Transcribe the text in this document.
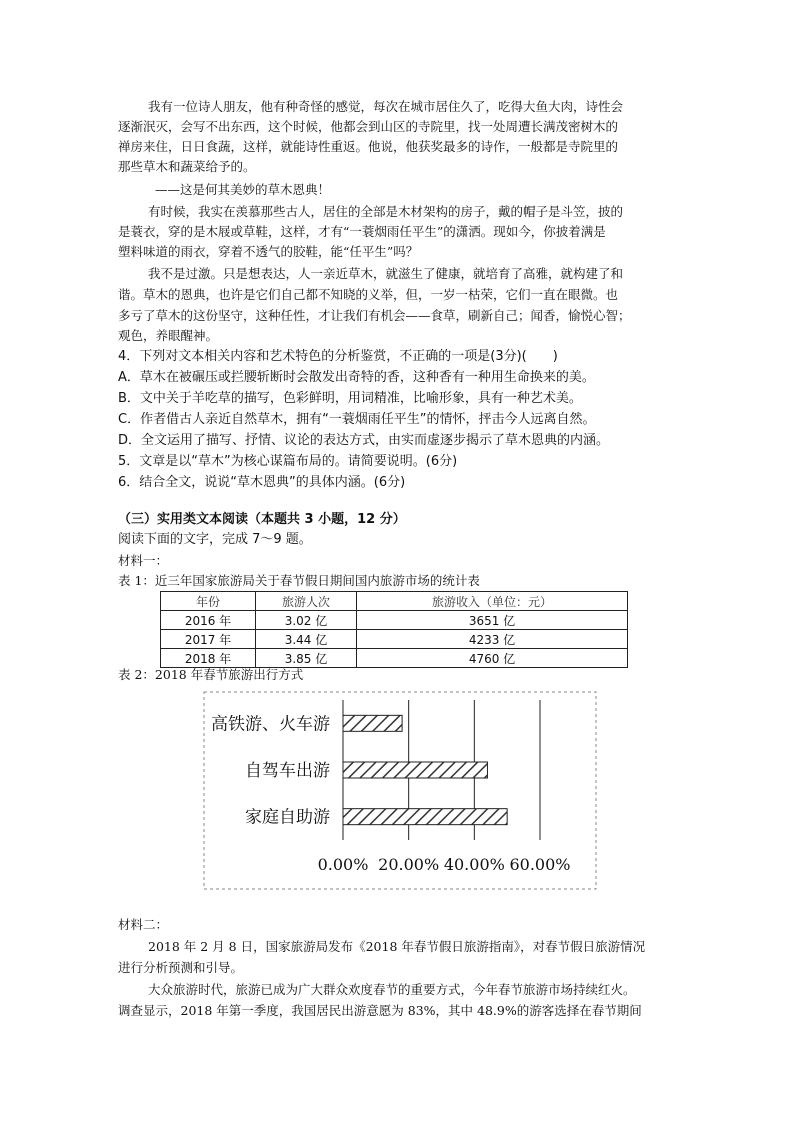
我有一位诗人朋友，他有种奇怪的感觉，每次在城市居住久了，吃得大鱼大肉，诗性会
逐渐泯灭，会写不出东西，这个时候，他都会到山区的寺院里，找一处周遭长满茂密树木的
禅房来住，日日食蔬，这样，就能诗性重返。他说，他获奖最多的诗作，一般都是寺院里的
那些草木和蔬菜给予的。
——这是何其美妙的草木恩典！
有时候，我实在羡慕那些古人，居住的全部是木材架构的房子，戴的帽子是斗笠，披的
是蓑衣，穿的是木屐或草鞋，这样，才有“一蓑烟雨任平生”的潇洒。现如今，你披着满是
塑料味道的雨衣，穿着不透气的胶鞋，能“任平生”吗？
我不是过激。只是想表达，人一亲近草木，就滋生了健康，就培育了高雅，就构建了和
谐。草木的恩典，也许是它们自己都不知晓的义举，但，一岁一枯荣，它们一直在眼微。也
多亏了草木的这份坚守，这种任性，才让我们有机会——食草，刷新自己；闻香，愉悦心智；
观色，养眼醒神。
4．下列对文本相关内容和艺术特色的分析鉴赏，不正确的一项是(3分)(　　)
A．草木在被碾压或拦腰斩断时会散发出奇特的香，这种香有一种用生命换来的美。
B．文中关于羊吃草的描写，色彩鲜明，用词精准，比喻形象，具有一种艺术美。
C．作者借古人亲近自然草木，拥有“一蓑烟雨任平生”的情怀，抨击今人远离自然。
D．全文运用了描写、抒情、议论的表达方式，由实而虚逐步揭示了草木恩典的内涵。
5．文章是以“草木”为核心谋篇布局的。请简要说明。(6分)
6．结合全文，说说“草木恩典”的具体内涵。(6分)
（三）实用类文本阅读（本题共 3 小题，12 分）
阅读下面的文字，完成 7～9 题。
材料一：
表 1：近三年国家旅游局关于春节假日期间国内旅游市场的统计表
年份	旅游人次	旅游收入（单位：元）
2016 年	3.02 亿	3651 亿
2017 年	3.44 亿	4233 亿
2018 年	3.85 亿	4760 亿
表 2：2018 年春节旅游出行方式
高铁游、火车游
自驾车出游
家庭自助游
0.00% 20.00% 40.00% 60.00%
材料二：
2018 年 2 月 8 日，国家旅游局发布《2018 年春节假日旅游指南》，对春节假日旅游情况
进行分析预测和引导。
大众旅游时代，旅游已成为广大群众欢度春节的重要方式，今年春节旅游市场持续红火。
调查显示，2018 年第一季度，我国居民出游意愿为 83%，其中 48.9%的游客选择在春节期间
